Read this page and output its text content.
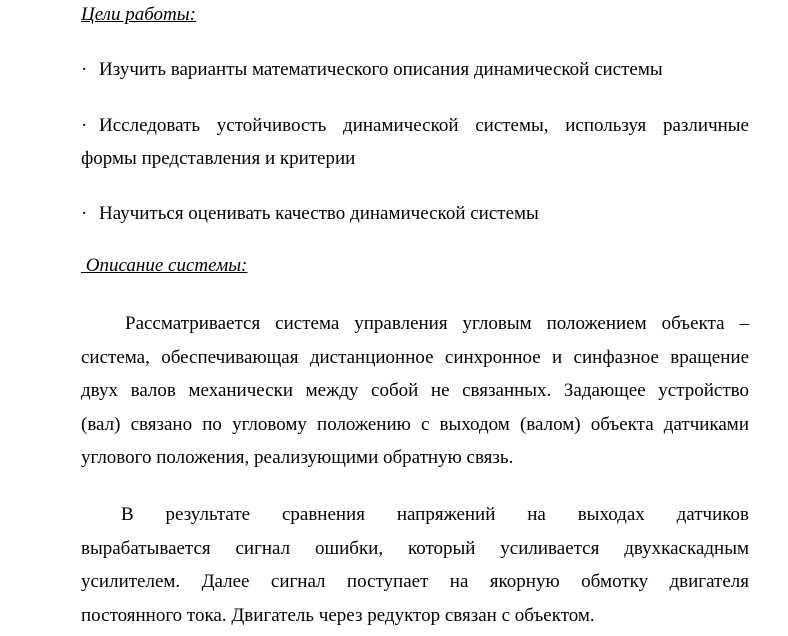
Цели работы:
· Изучить варианты математического описания динамической системы
· Исследовать устойчивость динамической системы, используя различные формы представления и критерии
· Научиться оценивать качество динамической системы
Описание системы:
Рассматривается система управления угловым положением объекта –
система, обеспечивающая дистанционное синхронное и синфазное вращение
двух валов механически между собой не связанных. Задающее устройство
(вал) связано по угловому положению с выходом (валом) объекта датчиками
углового положения, реализующими обратную связь.
В результате сравнения напряжений на выходах датчиков
вырабатывается сигнал ошибки, который усиливается двухкаскадным
усилителем. Далее сигнал поступает на якорную обмотку двигателя
постоянного тока. Двигатель через редуктор связан с объектом.
